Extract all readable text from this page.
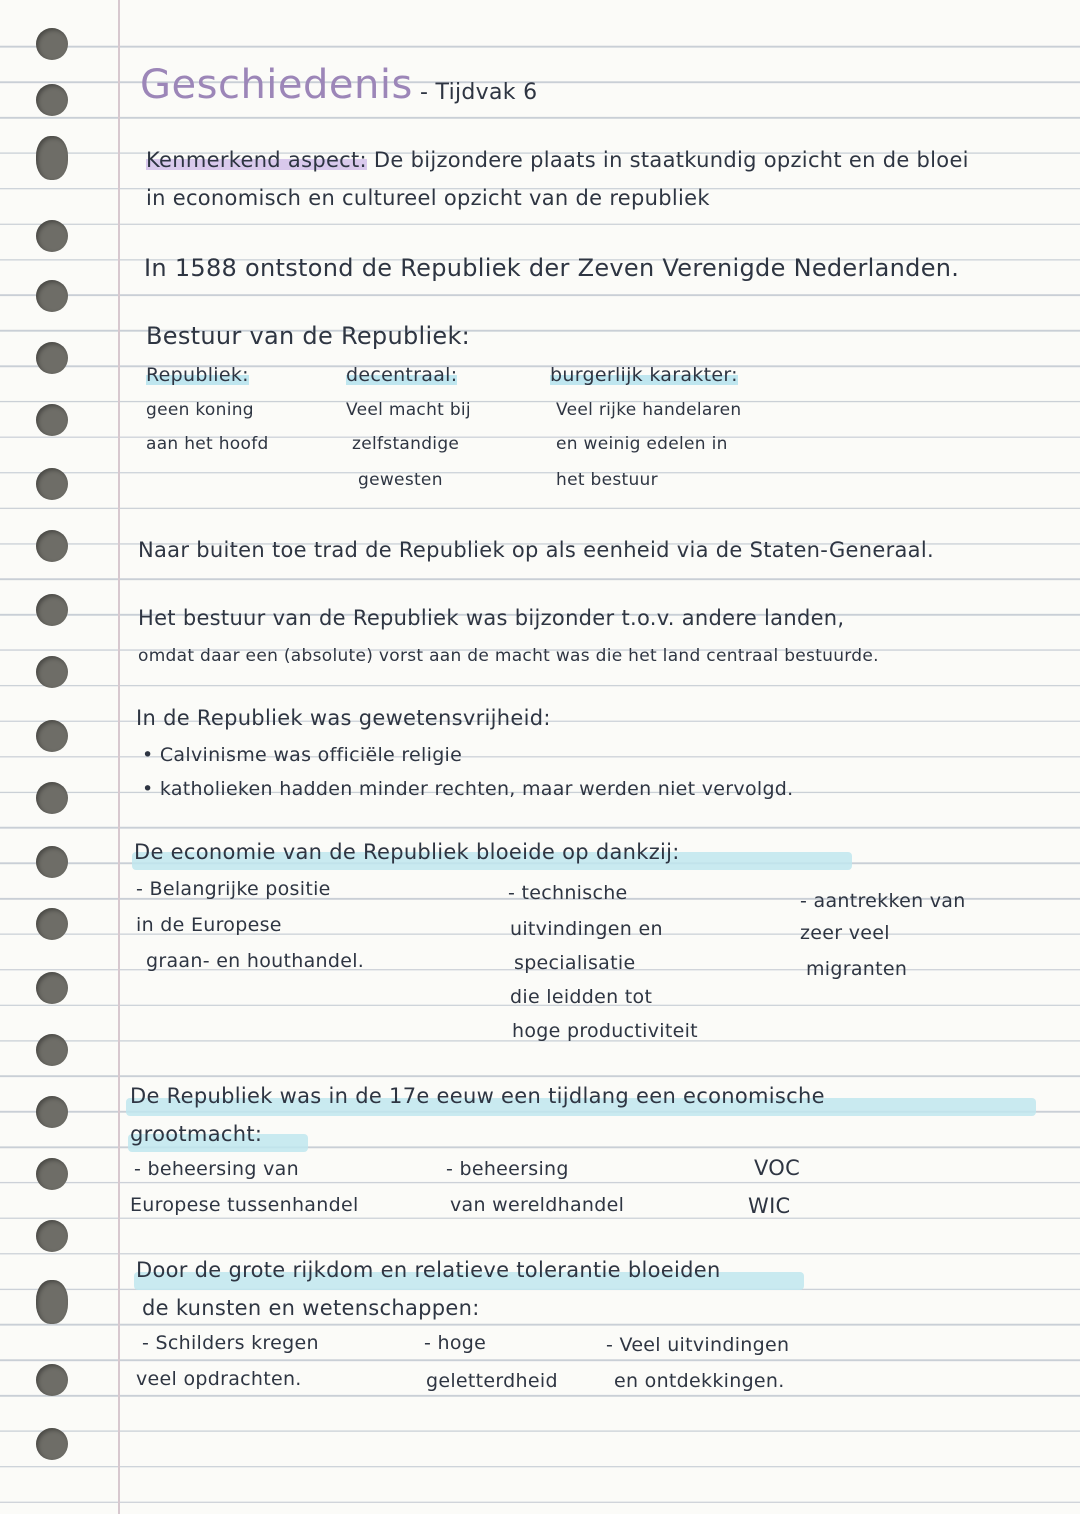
Geschiedenis - Tijdvak 6
Kenmerkend aspect: De bijzondere plaats in staatkundig opzicht en de bloei
in economisch en cultureel opzicht van de republiek
In 1588 ontstond de Republiek der Zeven Verenigde Nederlanden.
Bestuur van de Republiek:
Republiek:
geen koning
aan het hoofd
decentraal:
Veel macht bij
zelfstandige
gewesten
burgerlijk karakter:
Veel rijke handelaren
en weinig edelen in
het bestuur
Naar buiten toe trad de Republiek op als eenheid via de Staten-Generaal.
Het bestuur van de Republiek was bijzonder t.o.v. andere landen,
omdat daar een (absolute) vorst aan de macht was die het land centraal bestuurde.
In de Republiek was gewetensvrijheid:
• Calvinisme was officiële religie
• katholieken hadden minder rechten, maar werden niet vervolgd.
De economie van de Republiek bloeide op dankzij:
- Belangrijke positie
in de Europese
graan- en houthandel.
- technische
uitvindingen en
specialisatie
die leidden tot
hoge productiviteit
- aantrekken van
zeer veel
migranten
De Republiek was in de 17e eeuw een tijdlang een economische
grootmacht:
- beheersing van
Europese tussenhandel
- beheersing
van wereldhandel
VOC
WIC
Door de grote rijkdom en relatieve tolerantie bloeiden
de kunsten en wetenschappen:
- Schilders kregen
veel opdrachten.
- hoge
geletterdheid
- Veel uitvindingen
en ontdekkingen.
